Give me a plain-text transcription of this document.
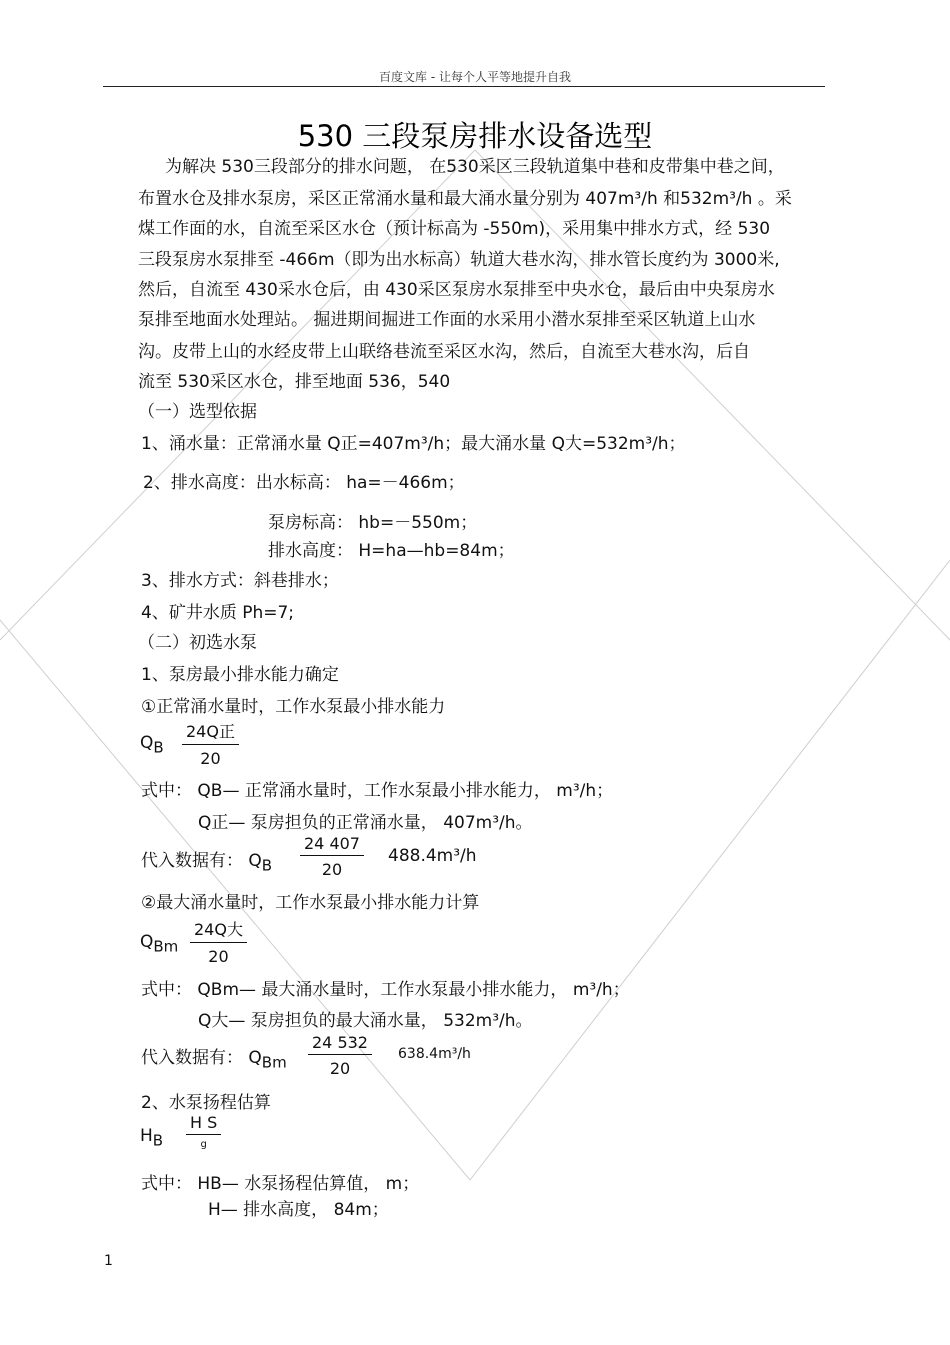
百度文库 - 让每个人平等地提升自我
530 三段泵房排水设备选型
为解决 530三段部分的排水问题， 在530采区三段轨道集中巷和皮带集中巷之间，
布置水仓及排水泵房，采区正常涌水量和最大涌水量分别为 407m³/h 和532m³/h 。采
煤工作面的水，自流至采区水仓（预计标高为 -550m)，采用集中排水方式，经 530
三段泵房水泵排至 -466m（即为出水标高）轨道大巷水沟，排水管长度约为 3000米,
然后，自流至 430采水仓后，由 430采区泵房水泵排至中央水仓，最后由中央泵房水
泵排至地面水处理站。 掘进期间掘进工作面的水采用小潜水泵排至采区轨道上山水
沟。皮带上山的水经皮带上山联络巷流至采区水沟，然后，自流至大巷水沟，后自
流至 530采区水仓，排至地面 536，540
（一）选型依据
1、涌水量：正常涌水量 Q正=407m³/h；最大涌水量 Q大=532m³/h；
2、排水高度：出水标高： ha=－466m；
泵房标高： hb=－550m；
排水高度： H=ha—hb=84m；
3、排水方式：斜巷排水；
4、矿井水质 Ph=7;
（二）初选水泵
1、泵房最小排水能力确定
①正常涌水量时，工作水泵最小排水能力
$Q_B$
24Q正
20
式中： QB— 正常涌水量时，工作水泵最小排水能力， m³/h；
Q正— 泵房担负的正常涌水量， 407m³/h。
代入数据有： $Q_B \frac{24 407}{20} 488.4m^3/h$
②最大涌水量时，工作水泵最小排水能力计算
$Q_{Bm}$
24Q大
20
式中： QBm— 最大涌水量时，工作水泵最小排水能力， m³/h；
Q大— 泵房担负的最大涌水量， 532m³/h。
代入数据有： $Q_{Bm} \frac{24 532}{20} 638.4m^3/h$
2、水泵扬程估算
$H_B$
H S
g
式中： HB— 水泵扬程估算值， m；
H— 排水高度， 84m；
1
